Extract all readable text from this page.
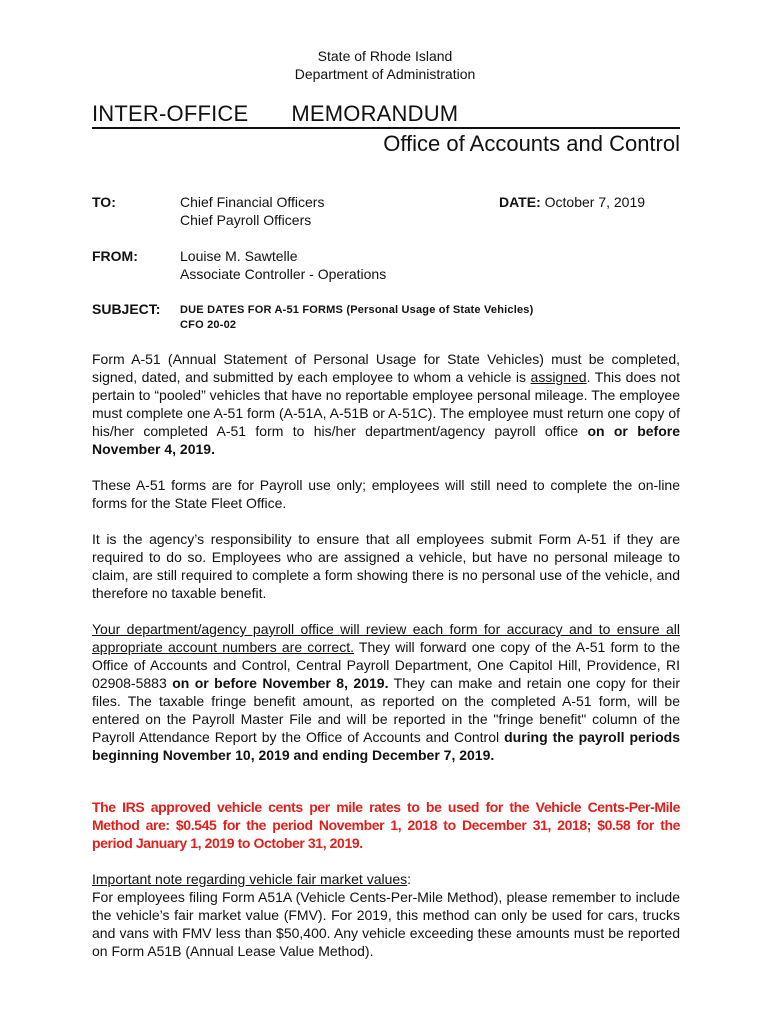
State of Rhode Island
Department of Administration
INTER-OFFICE   MEMORANDUM
Office of Accounts and Control
TO:	Chief Financial Officers
Chief Payroll Officers
DATE: October 7, 2019
FROM:	Louise M. Sawtelle
Associate Controller - Operations
SUBJECT: DUE DATES FOR A-51 FORMS (Personal Usage of State Vehicles)
CFO 20-02
Form A-51 (Annual Statement of Personal Usage for State Vehicles) must be completed, signed, dated, and submitted by each employee to whom a vehicle is assigned. This does not pertain to “pooled” vehicles that have no reportable employee personal mileage. The employee must complete one A-51 form (A-51A, A-51B or A-51C). The employee must return one copy of his/her completed A-51 form to his/her department/agency payroll office on or before November 4, 2019.
These A-51 forms are for Payroll use only; employees will still need to complete the on-line forms for the State Fleet Office.
It is the agency’s responsibility to ensure that all employees submit Form A-51 if they are required to do so. Employees who are assigned a vehicle, but have no personal mileage to claim, are still required to complete a form showing there is no personal use of the vehicle, and therefore no taxable benefit.
Your department/agency payroll office will review each form for accuracy and to ensure all appropriate account numbers are correct. They will forward one copy of the A-51 form to the Office of Accounts and Control, Central Payroll Department, One Capitol Hill, Providence, RI 02908-5883 on or before November 8, 2019. They can make and retain one copy for their files. The taxable fringe benefit amount, as reported on the completed A-51 form, will be entered on the Payroll Master File and will be reported in the "fringe benefit" column of the Payroll Attendance Report by the Office of Accounts and Control during the payroll periods beginning November 10, 2019 and ending December 7, 2019.
The IRS approved vehicle cents per mile rates to be used for the Vehicle Cents-Per-Mile Method are: $0.545 for the period November 1, 2018 to December 31, 2018; $0.58 for the period January 1, 2019 to October 31, 2019.
Important note regarding vehicle fair market values:
For employees filing Form A51A (Vehicle Cents-Per-Mile Method), please remember to include the vehicle’s fair market value (FMV). For 2019, this method can only be used for cars, trucks and vans with FMV less than $50,400. Any vehicle exceeding these amounts must be reported on Form A51B (Annual Lease Value Method).
